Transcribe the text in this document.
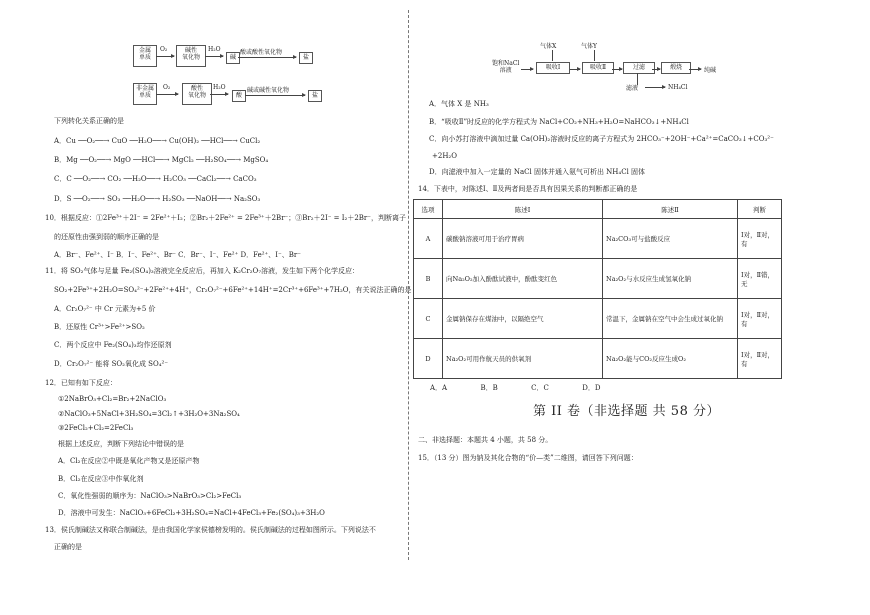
金属
单质
O₂	碱性
氧化物
H₂O
碱
酸或酸性氧化物
盐
非金属
单质
O₂	酸性
氧化物
H₂O
酸
碱或碱性氧化物
盐
下列转化关系正确的是
A．Cu ──O₂──→ CuO ──H₂O──→ Cu(OH)₂ ──HCl──→ CuCl₂
B．Mg ──O₂──→ MgO ──HCl──→ MgCl₂ ──H₂SO₄──→ MgSO₄
C．C ──O₂──→ CO₂ ──H₂O──→ H₂CO₃ ──CaCl₂──→ CaCO₃
D．S ──O₂──→ SO₃ ──H₂O──→ H₂SO₃ ──NaOH──→ Na₂SO₃
10．根据反应：①2Fe³⁺＋2I⁻ = 2Fe²⁺＋I₂；②Br₂＋2Fe²⁺ = 2Fe³⁺＋2Br⁻；③Br₂＋2I⁻ = I₂＋2Br⁻，判断离子
的还原性由强到弱的顺序正确的是
A．Br⁻、Fe²⁺、I⁻ B．I⁻、Fe²⁺、Br⁻ C．Br⁻、I⁻、Fe²⁺ D．Fe²⁺、I⁻、Br⁻
11．将 SO₂气体与足量 Fe₂(SO₄)₃溶液完全反应后，再加入 K₂Cr₂O₇溶液，发生如下两个化学反应：
SO₂+2Fe³⁺+2H₂O=SO₄²⁻+2Fe²⁺+4H⁺，Cr₂O₇²⁻+6Fe²⁺+14H⁺=2Cr³⁺+6Fe³⁺+7H₂O，有关说法正确的是
A．Cr₂O₇²⁻ 中 Cr 元素为+5 价
B．还原性 Cr³⁺>Fe²⁺>SO₂
C．两个反应中 Fe₂(SO₄)₃均作还原剂
D．Cr₂O₇²⁻ 能将 SO₂氧化成 SO₄²⁻
12．已知有如下反应：
①2NaBrO₃+Cl₂=Br₂+2NaClO₃
②NaClO₃+5NaCl+3H₂SO₄=3Cl₂↑+3H₂O+3Na₂SO₄
③2FeCl₂+Cl₂=2FeCl₃
根据上述反应，判断下列结论中错误的是
A．Cl₂在反应②中既是氧化产物又是还原产物
B．Cl₂在反应③中作氧化剂
C．氧化性强弱的顺序为：NaClO₃>NaBrO₃>Cl₂>FeCl₃
D．溶液中可发生：NaClO₃+6FeCl₂+3H₂SO₄=NaCl+4FeCl₃+Fe₂(SO₄)₃+3H₂O
13．侯氏制碱法又称联合制碱法，是由我国化学家侯德榜发明的。侯氏制碱法的过程如图所示。下列说法不
正确的是
饱和NaCl
溶液
气体X
吸收Ⅰ
气体Y
吸收Ⅱ	过滤	煅烧	纯碱
滤液	NH₄Cl
A．气体 X 是 NH₃
B．“吸收Ⅱ”时反应的化学方程式为 NaCl+CO₂+NH₃+H₂O=NaHCO₃↓+NH₄Cl
C．向小苏打溶液中滴加过量 Ca(OH)₂溶液时反应的离子方程式为 2HCO₃⁻+2OH⁻+Ca²⁺=CaCO₃↓+CO₃²⁻
+2H₂O
D．向滤液中加入一定量的 NaCl 固体并通入氨气可析出 NH₄Cl 固体
14．下表中，对陈述Ⅰ、Ⅱ及两者间是否具有因果关系的判断都正确的是
选项	陈述Ⅰ	陈述Ⅱ	判断
A	碳酸钠溶液可用于治疗胃病	Na₂CO₃可与盐酸反应	Ⅰ对，Ⅱ对，有
B	向Na₂O₂加入酚酞试液中，酚酞变红色	Na₂O₂与水反应生成氢氧化钠	Ⅰ对，Ⅱ错，无
C	金属钠保存在煤油中，以隔绝空气	常温下，金属钠在空气中会生成过氧化钠	Ⅰ对，Ⅱ对，有
D	Na₂O₂可用作航天员的供氧剂	Na₂O₂能与CO₂反应生成O₂	Ⅰ对，Ⅱ对，有
A．A               B．B               C．C               D．D
第 II 卷（非选择题 共 58 分）
二、非选择题：本题共 4 小题，共 58 分。
15．（13 分）图为钠及其化合物的“价—类”二维图，请回答下列问题：
